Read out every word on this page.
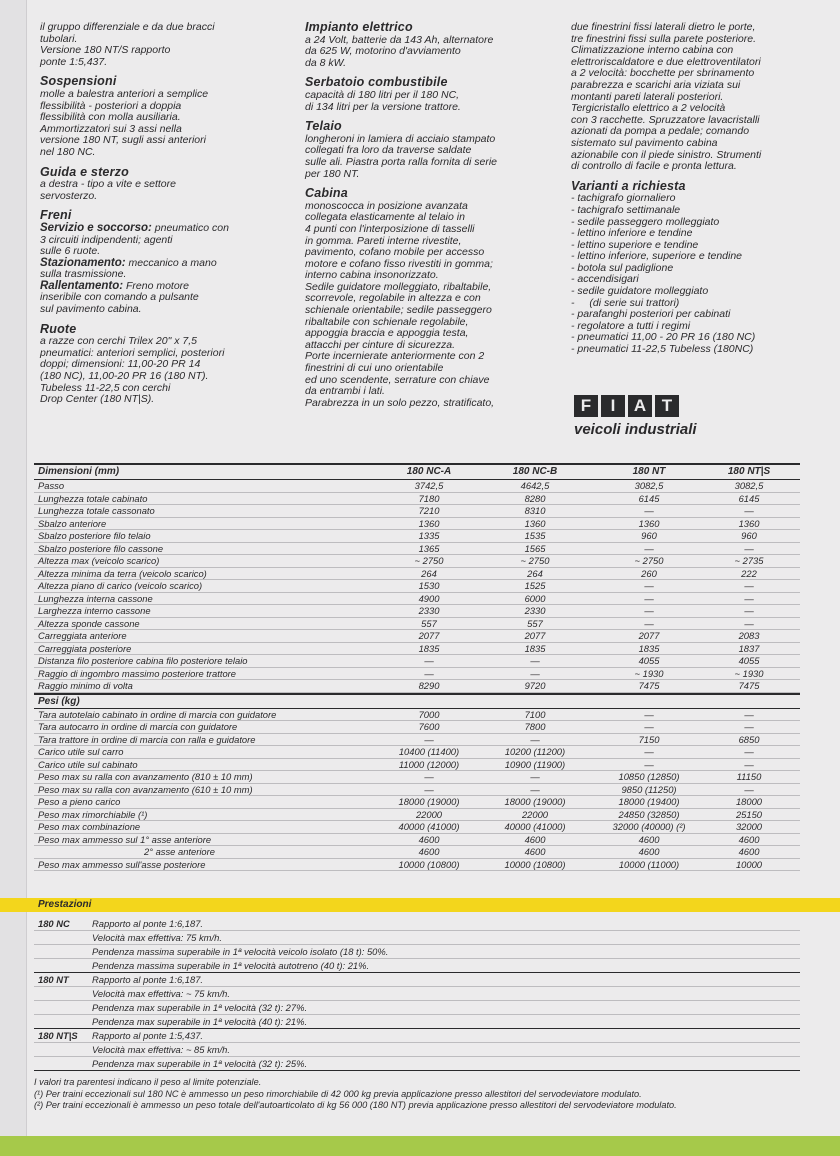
il gruppo differenziale e da due bracci

tubolari.

Versione 180 NT/S rapporto

ponte 1:5,437.

Sospensioni

molle a balestra anteriori a semplice

flessibilità - posteriori a doppia

flessibilità con molla ausiliaria.

Ammortizzatori sui 3 assi nella

versione 180 NT, sugli assi anteriori

nel 180 NC.

Guida e sterzo

a destra - tipo a vite e settore

servosterzo.

Freni

Servizio e soccorso: pneumatico con

3 circuiti indipendenti; agenti

sulle 6 ruote.

Stazionamento: meccanico a mano

sulla trasmissione.

Rallentamento: Freno motore

inseribile con comando a pulsante

sul pavimento cabina.

Ruote

a razze con cerchi Trilex 20" x 7,5

pneumatici: anteriori semplici, posteriori

doppi; dimensioni: 11,00-20 PR 14

(180 NC), 11,00-20 PR 16 (180 NT).

Tubeless 11-22,5 con cerchi

Drop Center (180 NT|S).

Impianto elettrico

a 24 Volt, batterie da 143 Ah, alternatore

da 625 W, motorino d'avviamento

da 8 kW.

Serbatoio combustibile

capacità di 180 litri per il 180 NC,

di 134 litri per la versione trattore.

Telaio

longheroni in lamiera di acciaio stampato

collegati fra loro da traverse saldate

sulle ali. Piastra porta ralla fornita di serie

per 180 NT.

Cabina

monoscocca in posizione avanzata

collegata elasticamente al telaio in

4 punti con l'interposizione di tasselli

in gomma. Pareti interne rivestite,

pavimento, cofano mobile per accesso

motore e cofano fisso rivestiti in gomma;

interno cabina insonorizzato.

Sedile guidatore molleggiato, ribaltabile,

scorrevole, regolabile in altezza e con

schienale orientabile; sedile passeggero

ribaltabile con schienale regolabile,

appoggia braccia e appoggia testa,

attacchi per cinture di sicurezza.

Porte incernierate anteriormente con 2

finestrini di cui uno orientabile

ed uno scendente, serrature con chiave

da entrambi i lati.

Parabrezza in un solo pezzo, stratificato,

due finestrini fissi laterali dietro le porte,

tre finestrini fissi sulla parete posteriore.

Climatizzazione interno cabina con

elettroriscaldatore e due elettroventilatori

a 2 velocità: bocchette per sbrinamento

parabrezza e scarichi aria viziata sui

montanti pareti laterali posteriori.

Tergicristallo elettrico a 2 velocità

con 3 racchette. Spruzzatore lavacristalli

azionati da pompa a pedale; comando

sistemato sul pavimento cabina

azionabile con il piede sinistro. Strumenti

di controllo di facile e pronta lettura.

Varianti a richiesta
- tachigrafo giornaliero
- tachigrafo settimanale
- sedile passeggero molleggiato
- lettino inferiore e tendine
- lettino superiore e tendine
- lettino inferiore, superiore e tendine
- botola sul padiglione
- accendisigari
- sedile guidatore molleggiato
- (di serie sui trattori)
- parafanghi posteriori per cabinati
- regolatore a tutti i regimi
- pneumatici 11,00 - 20 PR 16 (180 NC)
- pneumatici 11-22,5 Tubeless (180NC)
F	I	A T
veicoli industriali
Dimensioni (mm)	180 NC-A	180 NC-B	180 NT	180 NT|S
Passo	3742,5	4642,5	3082,5	3082,5
Lunghezza totale cabinato	7180	8280	6145	6145
Lunghezza totale cassonato	7210	8310	—	—
Sbalzo anteriore	1360	1360	1360	1360
Sbalzo posteriore filo telaio	1335	1535	960	960
Sbalzo posteriore filo cassone	1365	1565	—	—
Altezza max (veicolo scarico)	~ 2750	~ 2750	~ 2750	~ 2735
Altezza minima da terra (veicolo scarico)	264	264	260	222
Altezza piano di carico (veicolo scarico)	1530	1525	—	—
Lunghezza interna cassone	4900	6000	—	—
Larghezza interno cassone	2330	2330	—	—
Altezza sponde cassone	557	557	—	—
Carreggiata anteriore	2077	2077	2077	2083
Carreggiata posteriore	1835	1835	1835	1837
Distanza filo posteriore cabina filo posteriore telaio	—	—	4055	4055
Raggio di ingombro massimo posteriore trattore	—	—	~ 1930	~ 1930
Raggio minimo di volta	8290	9720	7475	7475
Pesi (kg)
Tara autotelaio cabinato in ordine di marcia con guidatore	7000	7100	—	—
Tara autocarro in ordine di marcia con guidatore	7600	7800	—	—
Tara trattore in ordine di marcia con ralla e guidatore	—	—	7150	6850
Carico utile sul carro	10400 (11400)	10200 (11200)	—	—
Carico utile sul cabinato	11000 (12000)	10900 (11900)	—	—
Peso max su ralla con avanzamento (810 ± 10 mm)	—	—	10850 (12850)	11150
Peso max su ralla con avanzamento (610 ± 10 mm)	—	—	9850 (11250)	—
Peso a pieno carico	18000 (19000)	18000 (19000)	18000 (19400)	18000
Peso max rimorchiabile (¹)	22000	22000	24850 (32850)	25150
Peso max combinazione	40000 (41000)	40000 (41000)	32000 (40000) (²)	32000
Peso max ammesso sul 1° asse anteriore	4600	4600	4600	4600
2° asse anteriore	4600	4600	4600	4600
Peso max ammesso sull'asse posteriore	10000 (10800)	10000 (10800)	10000 (11000)	10000
Prestazioni
180 NC Rapporto al ponte 1:6,187.
Velocità max effettiva: 75 km/h.
Pendenza massima superabile in 1ª velocità veicolo isolato (18 t): 50%.
Pendenza massima superabile in 1ª velocità autotreno (40 t): 21%.
180 NT Rapporto al ponte 1:6,187.
Velocità max effettiva: ~ 75 km/h.
Pendenza max superabile in 1ª velocità (32 t): 27%.
Pendenza max superabile in 1ª velocità (40 t): 21%.
180 NT|S Rapporto al ponte 1:5,437.
Velocità max effettiva: ~ 85 km/h.
Pendenza max superabile in 1ª velocità (32 t): 25%.

I valori tra parentesi indicano il peso al limite potenziale.

(¹) Per traini eccezionali sul 180 NC è ammesso un peso rimorchiabile di 42 000 kg previa applicazione presso allestitori del servodeviatore modulato.

(²) Per traini eccezionali è ammesso un peso totale dell'autoarticolato di kg 56 000 (180 NT) previa applicazione presso allestitori del servodeviatore modulato.
